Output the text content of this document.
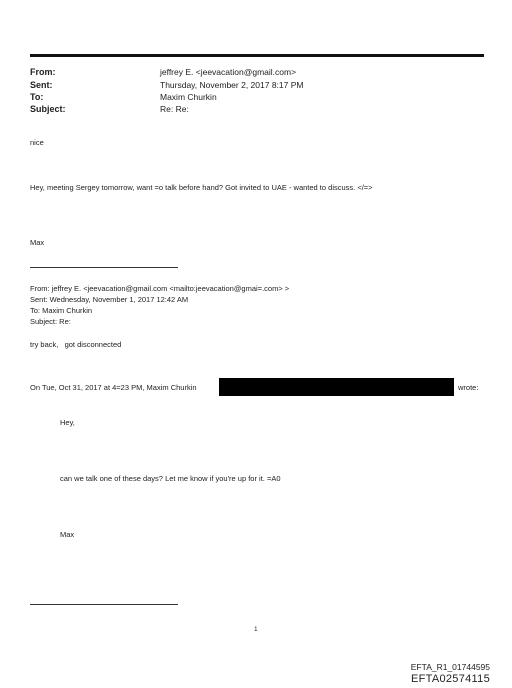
From:
Sent:
To:
Subject:
jeffrey E. <jeevacation@gmail.com>
Thursday, November 2, 2017 8:17 PM
Maxim Churkin
Re: Re:
nice
Hey, meeting Sergey tomorrow, want =o talk before hand? Got invited to UAE - wanted to discuss. </=>
Max
From: jeffrey E. <jeevacation@gmail.com <mailto:jeevacation@gmai=.com> >
Sent: Wednesday, November 1, 2017 12:42 AM
To: Maxim Churkin
Subject: Re:
try back,   got disconnected
On Tue, Oct 31, 2017 at 4=23 PM, Maxim Churkin	wrote:
Hey,
can we talk one of these days? Let me know if you're up for it. =A0
Max
1
EFTA_R1_01744595
EFTA02574115
